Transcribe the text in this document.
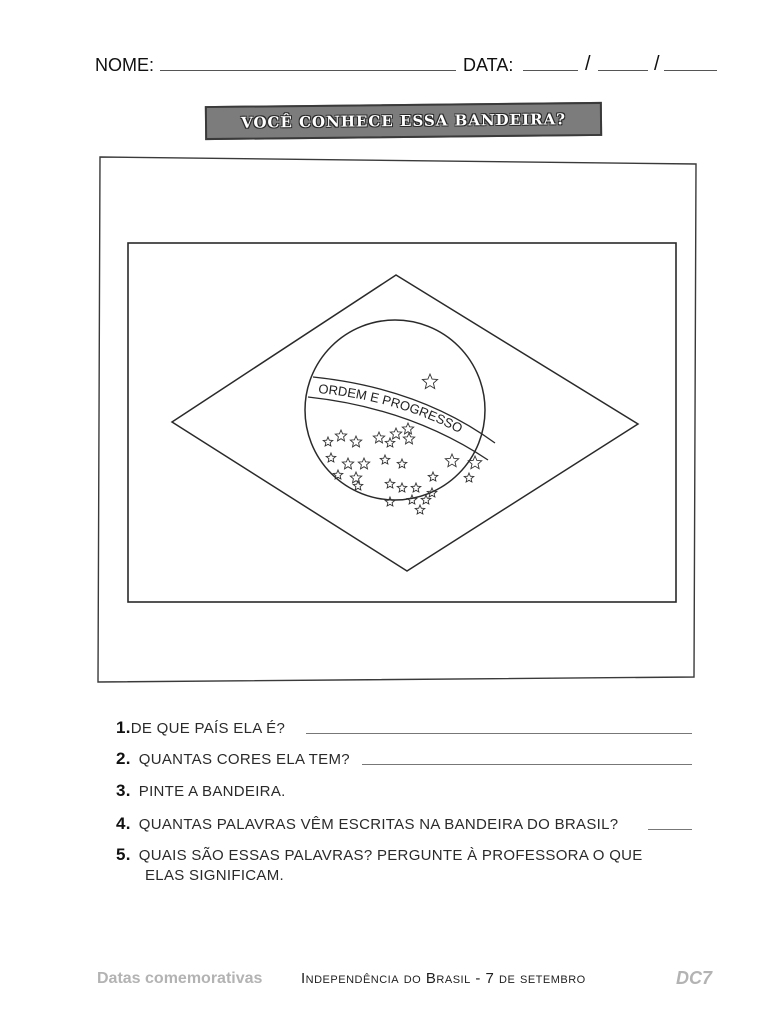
NOME:	DATA:	/	/
VOCÊ CONHECE ESSA BANDEIRA?
ORDEM E PROGRESSO
1.DE QUE PAÍS ELA É?
2. QUANTAS CORES ELA TEM?
3. PINTE A BANDEIRA.
4. QUANTAS PALAVRAS VÊM ESCRITAS NA BANDEIRA DO BRASIL?
5. QUAIS SÃO ESSAS PALAVRAS? PERGUNTE À PROFESSORA O QUE
ELAS SIGNIFICAM.
Datas comemorativas	Independência do Brasil - 7 de setembro	DC7
